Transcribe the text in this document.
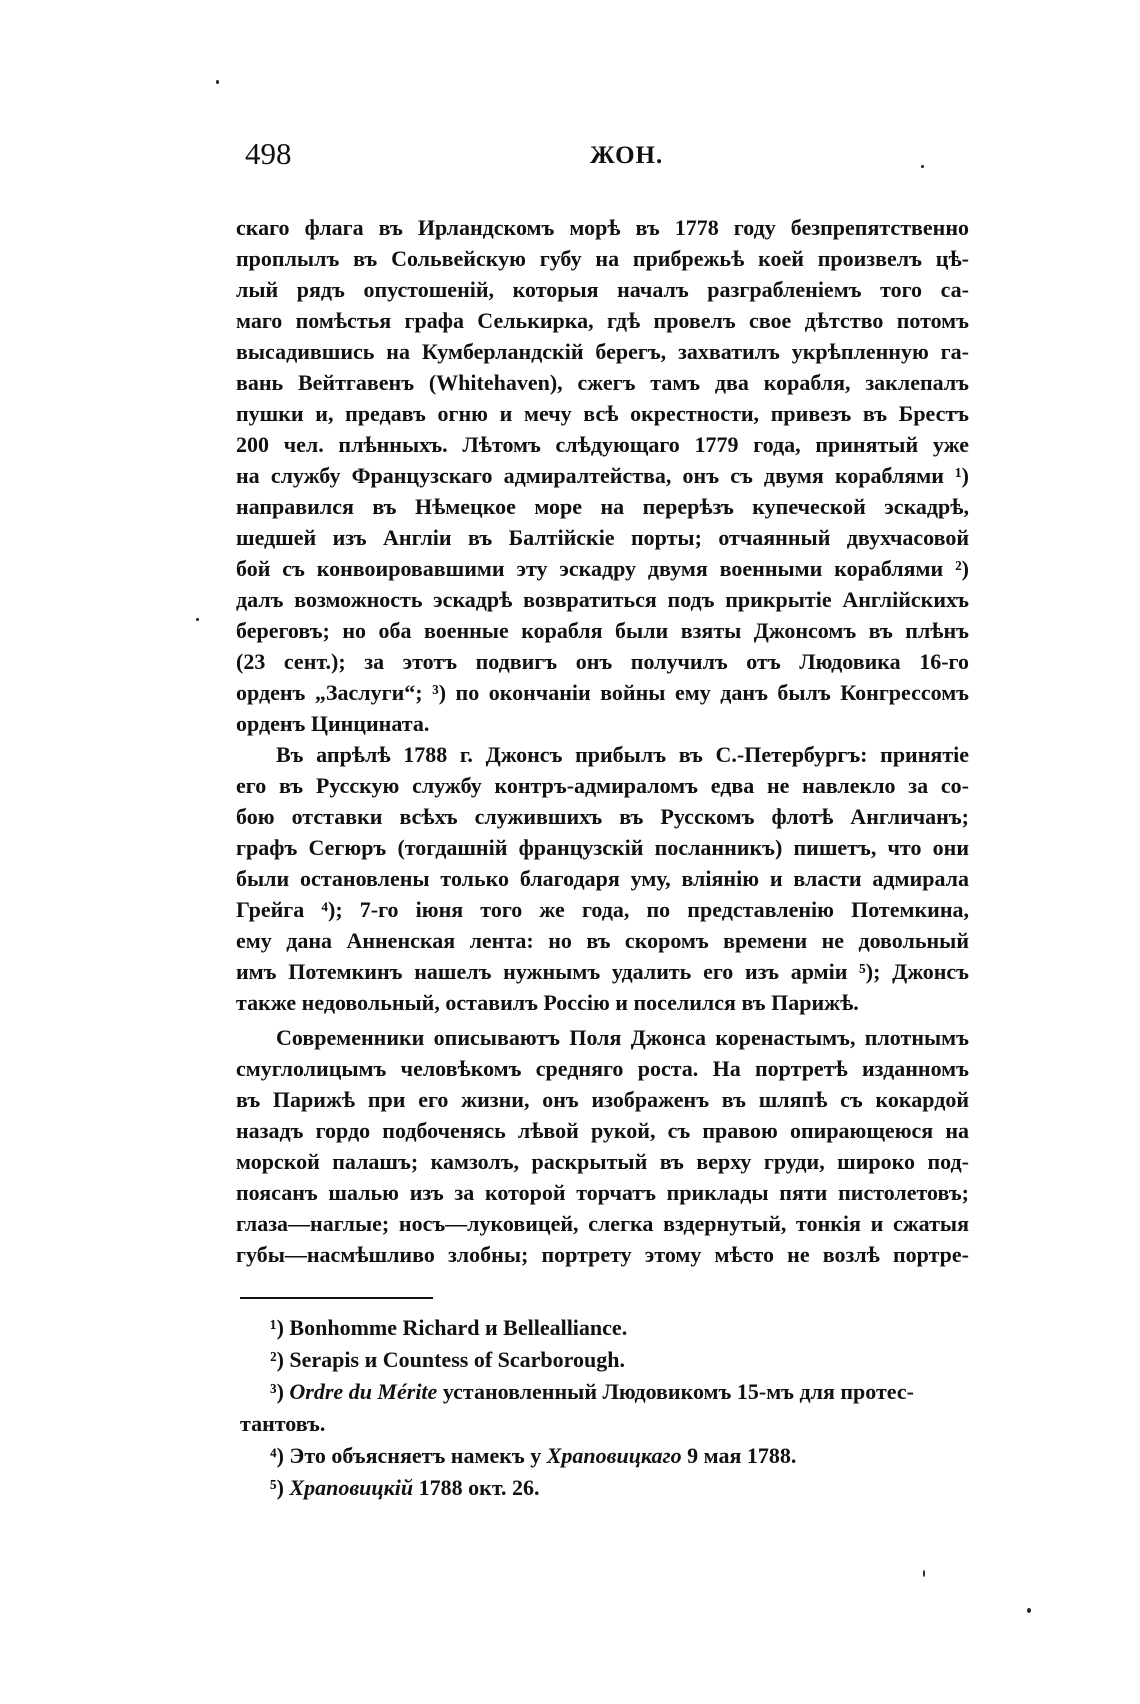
498	ЖОН.

скаго флага въ Ирландскомъ морѣ въ 1778 году безпрепятственно
проплылъ въ Сольвейскую губу на прибрежьѣ коей произвелъ цѣ-
лый рядъ опустошеній, которыя началъ разграбленіемъ того са-
маго помѣстья графа Селькирка, гдѣ провелъ свое дѣтство потомъ
высадившись на Кумберландскій берегъ, захватилъ укрѣпленную га-
вань Вейтгавенъ (Whitehaven), сжегъ тамъ два корабля, заклепалъ
пушки и, предавъ огню и мечу всѣ окрестности, привезъ въ Брестъ
200 чел. плѣнныхъ. Лѣтомъ слѣдующаго 1779 года, принятый уже
на службу Французскаго адмиралтейства, онъ съ двумя кораблями ¹)
направился въ Нѣмецкое море на перерѣзъ купеческой эскадрѣ,
шедшей изъ Англіи въ Балтійскіе порты; отчаянный двухчасовой
бой съ конвоировавшими эту эскадру двумя военными кораблями ²)
далъ возможность эскадрѣ возвратиться подъ прикрытіе Англійскихъ
береговъ; но оба военные корабля были взяты Джонсомъ въ плѣнъ
(23 сент.); за этотъ подвигъ онъ получилъ отъ Людовика 16-го
орденъ „Заслуги“; ³) по окончаніи войны ему данъ былъ Конгрессомъ
орденъ Цинцината.

Въ апрѣлѣ 1788 г. Джонсъ прибылъ въ С.-Петербургъ: принятіе
его въ Русскую службу контръ-адмираломъ едва не навлекло за со-
бою отставки всѣхъ служившихъ въ Русскомъ флотѣ Англичанъ;
графъ Сегюръ (тогдашній французскій посланникъ) пишетъ, что они
были остановлены только благодаря уму, вліянію и власти адмирала
Грейга ⁴); 7-го іюня того же года, по представленію Потемкина,
ему дана Анненская лента: но въ скоромъ времени не довольный
имъ Потемкинъ нашелъ нужнымъ удалить его изъ арміи ⁵); Джонсъ
также недовольный, оставилъ Россію и поселился въ Парижѣ.

Современники описываютъ Поля Джонса коренастымъ, плотнымъ
смуглолицымъ человѣкомъ средняго роста. На портретѣ изданномъ
въ Парижѣ при его жизни, онъ изображенъ въ шляпѣ съ кокардой
назадъ гордо подбоченясь лѣвой рукой, съ правою опирающеюся на
морской палашъ; камзолъ, раскрытый въ верху груди, широко под-
поясанъ шалью изъ за которой торчатъ приклады пяти пистолетовъ;
глаза—наглые; носъ—луковицей, слегка вздернутый, тонкія и сжатыя
губы—насмѣшливо злобны; портрету этому мѣсто не возлѣ портре-

¹) Bonhomme Richard и Bellealliance.
²) Serapis и Countess of Scarborough.
³) Ordre du Mérite установленный Людовикомъ 15-мъ для протес-
тантовъ.
⁴) Это объясняетъ намекъ у Храповицкаго 9 мая 1788.
⁵) Храповицкій 1788 окт. 26.
